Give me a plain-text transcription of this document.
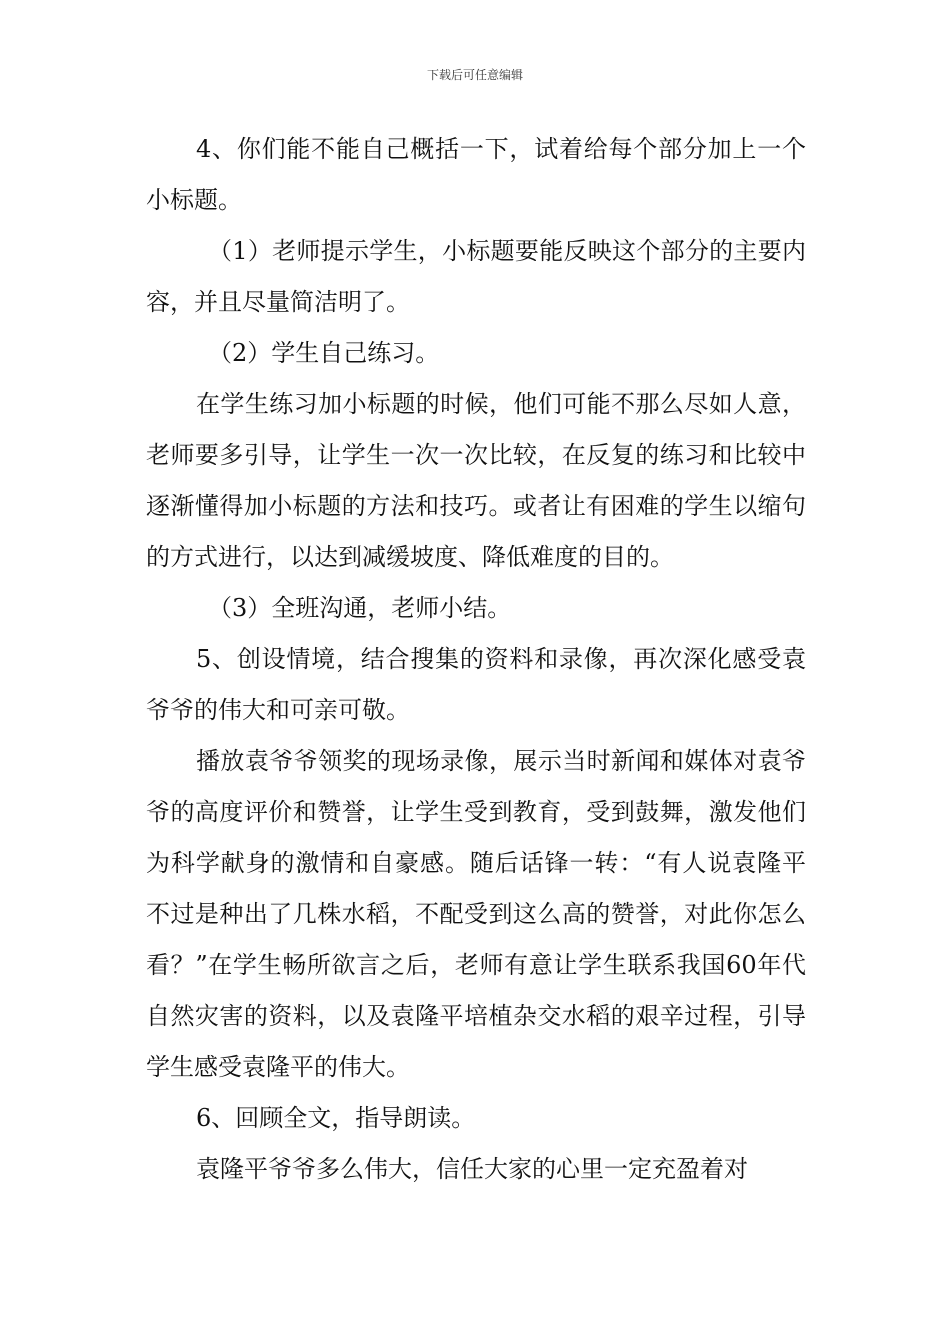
下载后可任意编辑

4、你们能不能自己概括一下，试着给每个部分加上一个小标题。

（1）老师提示学生，小标题要能反映这个部分的主要内容，并且尽量简洁明了。

（2）学生自己练习。

在学生练习加小标题的时候，他们可能不那么尽如人意，老师要多引导，让学生一次一次比较，在反复的练习和比较中逐渐懂得加小标题的方法和技巧。或者让有困难的学生以缩句的方式进行，以达到减缓坡度、降低难度的目的。

（3）全班沟通，老师小结。

5、创设情境，结合搜集的资料和录像，再次深化感受袁爷爷的伟大和可亲可敬。

播放袁爷爷领奖的现场录像，展示当时新闻和媒体对袁爷爷的高度评价和赞誉，让学生受到教育，受到鼓舞，激发他们为科学献身的激情和自豪感。随后话锋一转：“有人说袁隆平不过是种出了几株水稻，不配受到这么高的赞誉，对此你怎么看？”在学生畅所欲言之后，老师有意让学生联系我国60年代自然灾害的资料，以及袁隆平培植杂交水稻的艰辛过程，引导学生感受袁隆平的伟大。

6、回顾全文，指导朗读。

袁隆平爷爷多么伟大，信任大家的心里一定充盈着对
